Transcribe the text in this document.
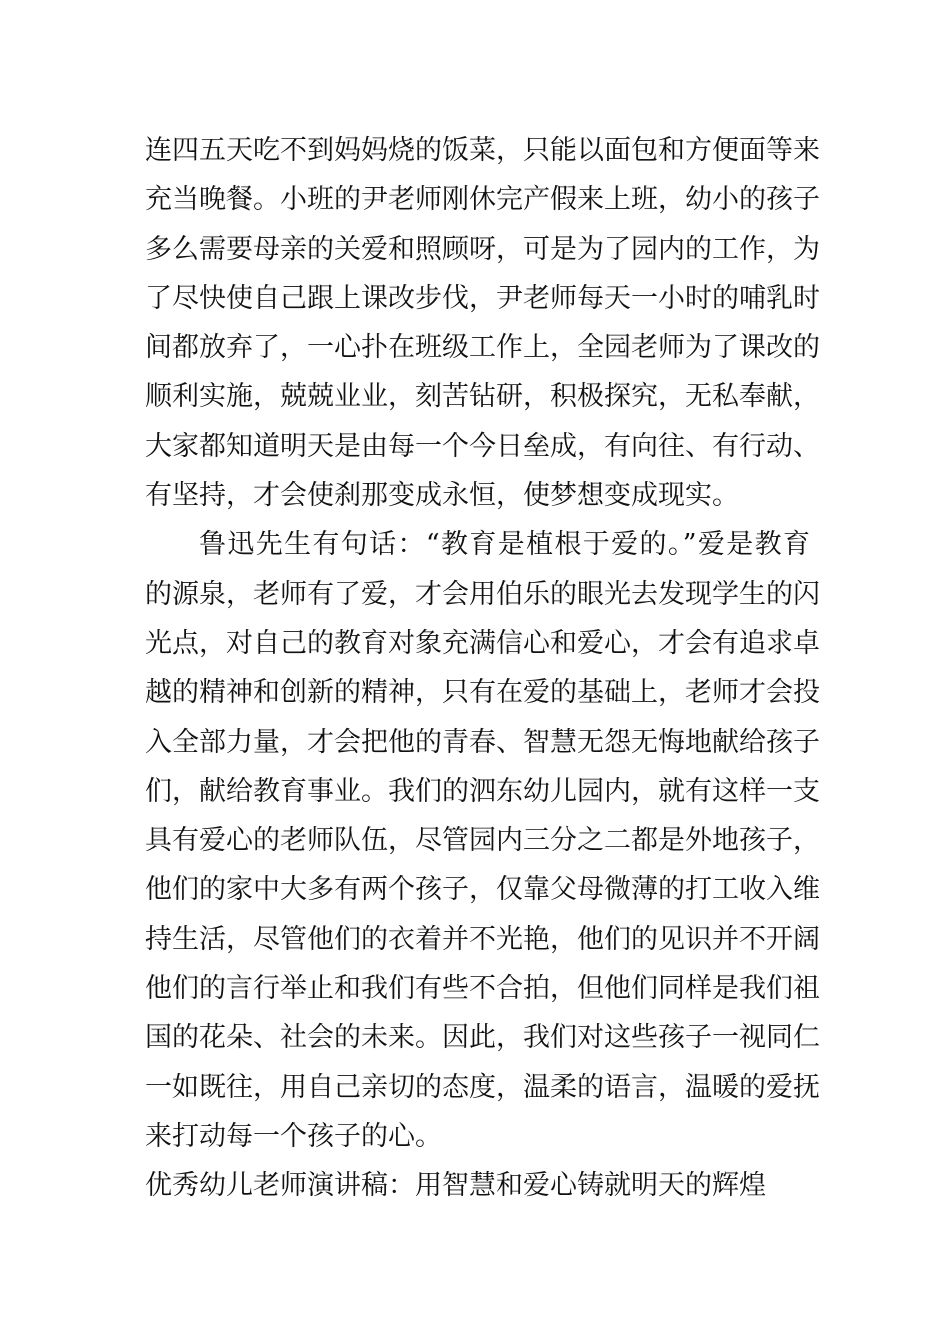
连四五天吃不到妈妈烧的饭菜，只能以面包和方便面等来
充当晚餐。小班的尹老师刚休完产假来上班，幼小的孩子
多么需要母亲的关爱和照顾呀，可是为了园内的工作，为
了尽快使自己跟上课改步伐，尹老师每天一小时的哺乳时
间都放弃了，一心扑在班级工作上，全园老师为了课改的
顺利实施，兢兢业业，刻苦钻研，积极探究，无私奉献，
大家都知道明天是由每一个今日垒成，有向往、有行动、
有坚持，才会使刹那变成永恒，使梦想变成现实。
鲁迅先生有句话：“教育是植根于爱的。”爱是教育
的源泉，老师有了爱，才会用伯乐的眼光去发现学生的闪
光点，对自己的教育对象充满信心和爱心，才会有追求卓
越的精神和创新的精神，只有在爱的基础上，老师才会投
入全部力量，才会把他的青春、智慧无怨无悔地献给孩子
们，献给教育事业。我们的泗东幼儿园内，就有这样一支
具有爱心的老师队伍，尽管园内三分之二都是外地孩子，
他们的家中大多有两个孩子，仅靠父母微薄的打工收入维
持生活，尽管他们的衣着并不光艳，他们的见识并不开阔
他们的言行举止和我们有些不合拍，但他们同样是我们祖
国的花朵、社会的未来。因此，我们对这些孩子一视同仁
一如既往，用自己亲切的态度，温柔的语言，温暖的爱抚
来打动每一个孩子的心。
优秀幼儿老师演讲稿：用智慧和爱心铸就明天的辉煌
